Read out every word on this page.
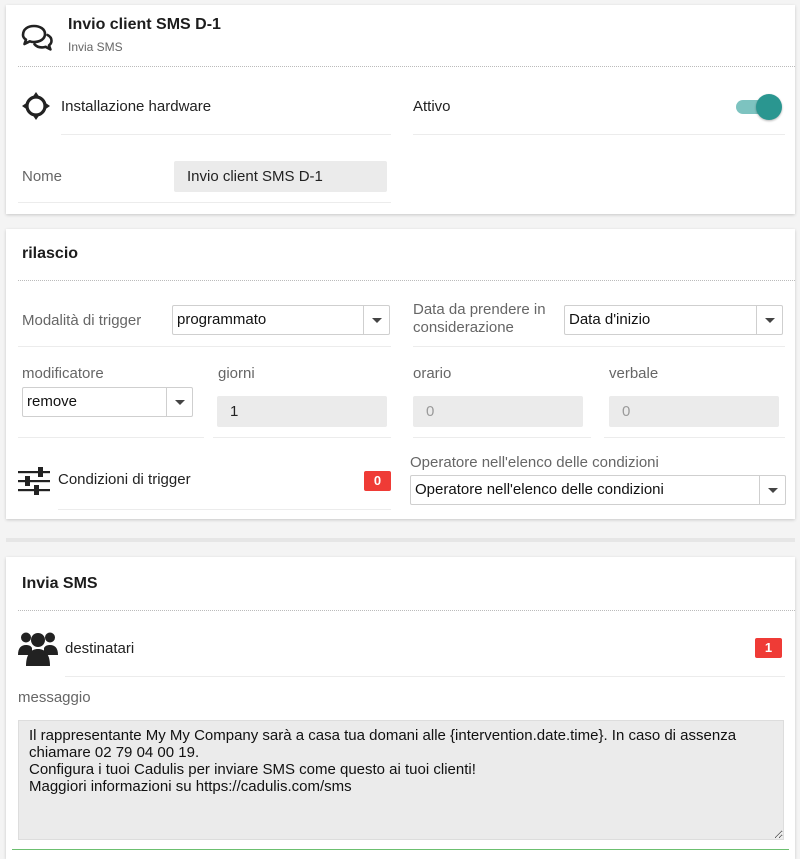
Invio client SMS D-1
Invia SMS
Installazione hardware	Attivo
Nome	Invio client SMS D-1
rilascio
Modalità di trigger	programmato
Data da prendere in considerazione	Data d'inizio
modificatore
remove
giorni
1
orario
0
verbale
0
Condizioni di trigger	0
Operatore nell'elenco delle condizioni
Operatore nell'elenco delle condizioni
Invia SMS
destinatari	1
messaggio
Il rappresentante My My Company sarà a casa tua domani alle {intervention.date.time}. In caso di assenza chiamare 02 79 04 00 19. Configura i tuoi Cadulis per inviare SMS come questo ai tuoi clienti! Maggiori informazioni su https://cadulis.com/sms
